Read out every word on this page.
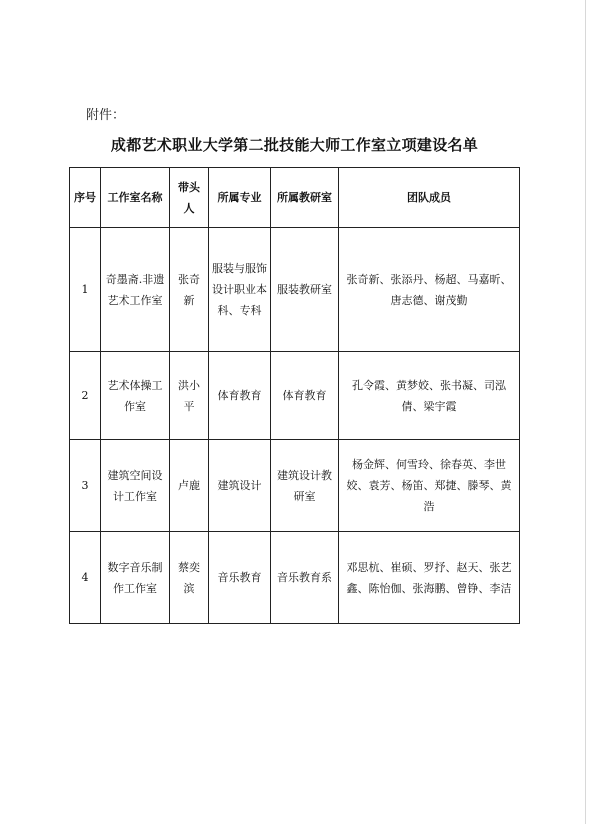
附件：
成都艺术职业大学第二批技能大师工作室立项建设名单
序号	工作室名称	带头人	所属专业	所属教研室	团队成员
1	奇墨斋.非遗艺术工作室	张奇新	服装与服饰设计职业本科、专科	服装教研室	张奇新、张添丹、杨超、马嘉昕、唐志德、谢茂勤
2	艺术体操工作室	洪小平	体育教育	体育教育	孔令霞、黄梦姣、张书凝、司泓倩、梁宇霞
3	建筑空间设计工作室	卢鹿	建筑设计	建筑设计教研室	杨金辉、何雪玲、徐春英、李世姣、袁芳、杨笛、郑捷、滕琴、黄浩
4	数字音乐制作工作室	蔡奕滨	音乐教育	音乐教育系	邓思杭、崔硕、罗抒、赵天、张艺鑫、陈怡伽、张海鹏、曾铮、李洁
